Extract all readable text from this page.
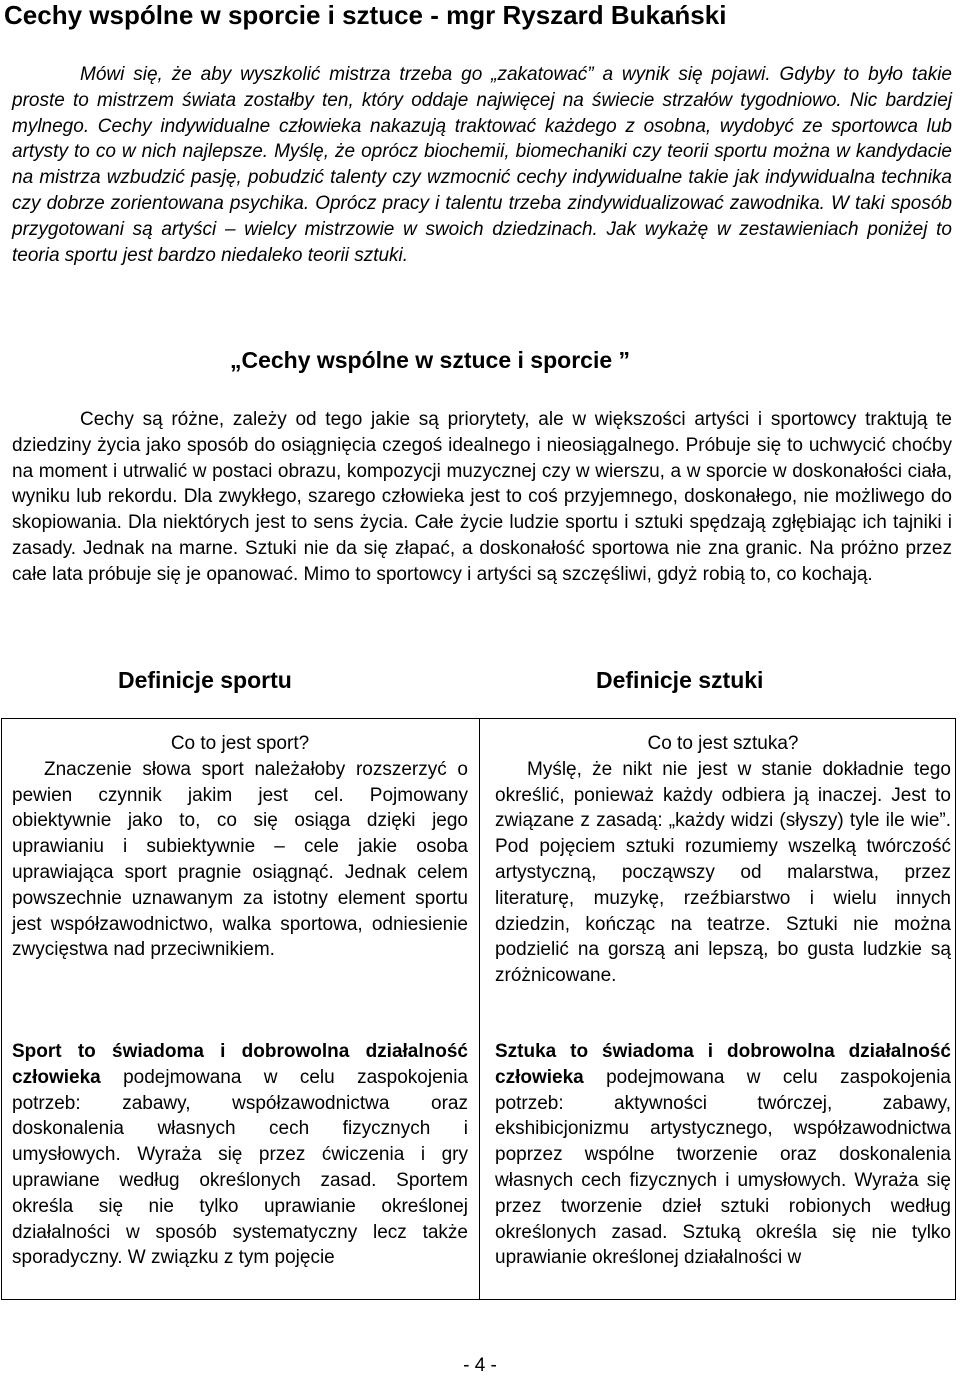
Cechy wspólne w sporcie i sztuce - mgr Ryszard Bukański

Mówi się, że aby wyszkolić mistrza trzeba go „zakatować” a wynik się pojawi. Gdyby to było takie proste to mistrzem świata zostałby ten, który oddaje najwięcej na świecie strzałów tygodniowo. Nic bardziej mylnego. Cechy indywidualne człowieka nakazują traktować każdego z osobna, wydobyć ze sportowca lub artysty to co w nich najlepsze. Myślę, że oprócz biochemii, biomechaniki czy teorii sportu można w kandydacie na mistrza wzbudzić pasję, pobudzić talenty czy wzmocnić cechy indywidualne takie jak indywidualna technika czy dobrze zorientowana psychika. Oprócz pracy i talentu trzeba zindywidualizować zawodnika. W taki sposób przygotowani są artyści – wielcy mistrzowie w swoich dziedzinach. Jak wykażę w zestawieniach poniżej to teoria sportu jest bardzo niedaleko teorii sztuki.

„Cechy wspólne w sztuce i sporcie ”

Cechy są różne, zależy od tego jakie są priorytety, ale w większości artyści i sportowcy traktują te dziedziny życia jako sposób do osiągnięcia czegoś idealnego i nieosiągalnego. Próbuje się to uchwycić choćby na moment i utrwalić w postaci obrazu, kompozycji muzycznej czy w wierszu, a w sporcie w doskonałości ciała, wyniku lub rekordu. Dla zwykłego, szarego człowieka jest to coś przyjemnego, doskonałego, nie możliwego do skopiowania. Dla niektórych jest to sens życia. Całe życie ludzie sportu i sztuki spędzają zgłębiając ich tajniki i zasady. Jednak na marne. Sztuki nie da się złapać, a doskonałość sportowa nie zna granic. Na próżno przez całe lata próbuje się je opanować. Mimo to sportowcy i artyści są szczęśliwi, gdyż robią to, co kochają.

Definicje sportu	Definicje sztuki
Co to jest sport?
Znaczenie słowa sport należałoby rozszerzyć o pewien czynnik jakim jest cel. Pojmowany obiektywnie jako to, co się osiąga dzięki jego uprawianiu i subiektywnie – cele jakie osoba uprawiająca sport pragnie osiągnąć. Jednak celem powszechnie uznawanym za istotny element sportu jest współzawodnictwo, walka sportowa, odniesienie zwycięstwa nad przeciwnikiem.
Co to jest sztuka?
Myślę, że nikt nie jest w stanie dokładnie tego określić, ponieważ każdy odbiera ją inaczej. Jest to związane z zasadą: „każdy widzi (słyszy) tyle ile wie”. Pod pojęciem sztuki rozumiemy wszelką twórczość artystyczną, począwszy od malarstwa, przez literaturę, muzykę, rzeźbiarstwo i wielu innych dziedzin, kończąc na teatrze. Sztuki nie można podzielić na gorszą ani lepszą, bo gusta ludzkie są zróżnicowane.
Sport to świadoma i dobrowolna działalność człowieka podejmowana w celu zaspokojenia potrzeb: zabawy, współzawodnictwa oraz doskonalenia własnych cech fizycznych i umysłowych. Wyraża się przez ćwiczenia i gry uprawiane według określonych zasad. Sportem określa się nie tylko uprawianie określonej działalności w sposób systematyczny lecz także sporadyczny. W związku z tym pojęcie
Sztuka to świadoma i dobrowolna działalność człowieka podejmowana w celu zaspokojenia potrzeb: aktywności twórczej, zabawy, ekshibicjonizmu artystycznego, współzawodnictwa poprzez wspólne tworzenie oraz doskonalenia własnych cech fizycznych i umysłowych. Wyraża się przez tworzenie dzieł sztuki robionych według określonych zasad. Sztuką określa się nie tylko uprawianie określonej działalności w
- 4 -
